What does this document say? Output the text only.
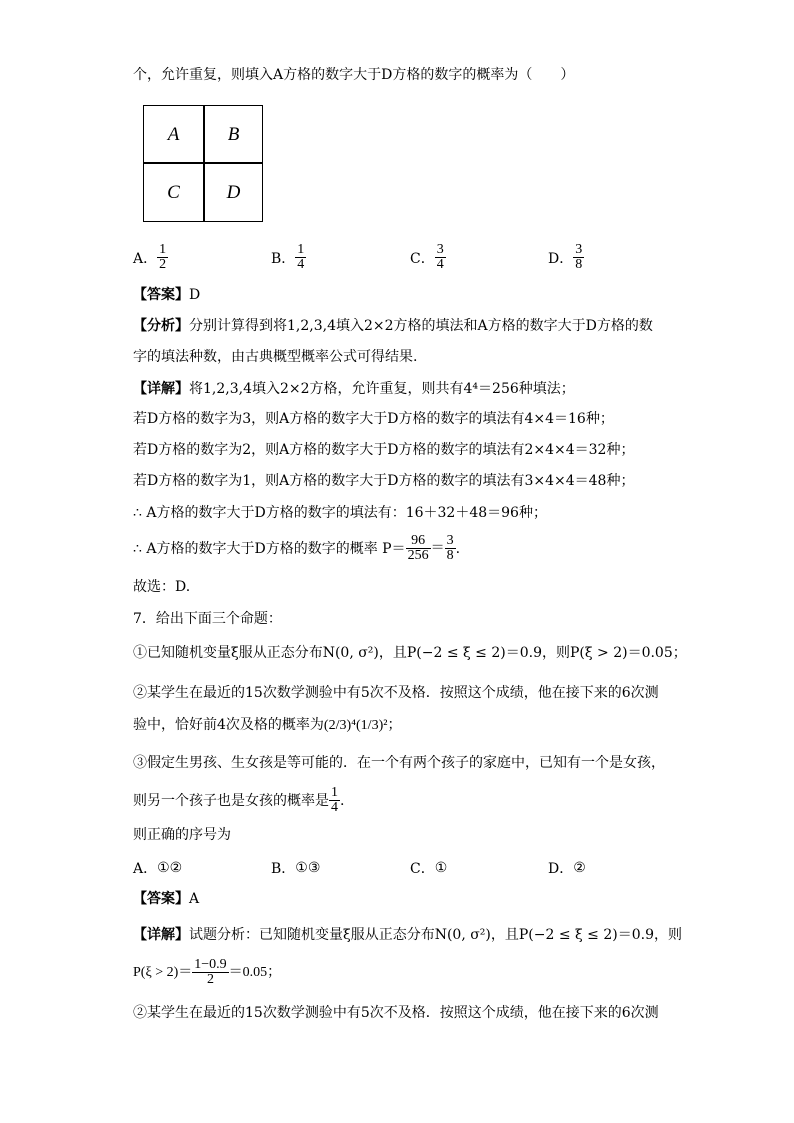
个，允许重复，则填入A方格的数字大于D方格的数字的概率为（　　）
A	B
C	D
A． $\frac{1}{2}$	B． $\frac{1}{4}$	C． $\frac{3}{4}$	D． $\frac{3}{8}$
【答案】D
【分析】分别计算得到将1,2,3,4填入2×2方格的填法和A方格的数字大于D方格的数
字的填法种数，由古典概型概率公式可得结果.
【详解】将1,2,3,4填入2×2方格，允许重复，则共有4⁴＝256种填法；
若D方格的数字为3，则A方格的数字大于D方格的数字的填法有4×4＝16种；
若D方格的数字为2，则A方格的数字大于D方格的数字的填法有2×4×4＝32种；
若D方格的数字为1，则A方格的数字大于D方格的数字的填法有3×4×4＝48种；
∴ A方格的数字大于D方格的数字的填法有：16＋32＋48＝96种；
∴ A方格的数字大于D方格的数字的概率 $P= \frac{96}{256} = \frac{3}{8}$ .
故选：D.
7．给出下面三个命题：
①已知随机变量ξ服从正态分布N(0, σ²)，且P(−2 ≤ ξ ≤ 2)＝0.9，则P(ξ > 2)＝0.05；
②某学生在最近的15次数学测验中有5次不及格．按照这个成绩，他在接下来的6次测
验中，恰好前4次及格的概率为(2/3)⁴(1/3)²；
③假定生男孩、生女孩是等可能的．在一个有两个孩子的家庭中，已知有一个是女孩，
则另一个孩子也是女孩的概率是 $\frac{1}{4}$ .
则正确的序号为
A． ①②	B． ①③	C． ①	D． ②
【答案】A
【详解】试题分析：已知随机变量ξ服从正态分布N(0, σ²)，且P(−2 ≤ ξ ≤ 2)＝0.9，则
$P(\xi > 2)= \frac{1-0.9}{2} =0.05$；
②某学生在最近的15次数学测验中有5次不及格．按照这个成绩，他在接下来的6次测
